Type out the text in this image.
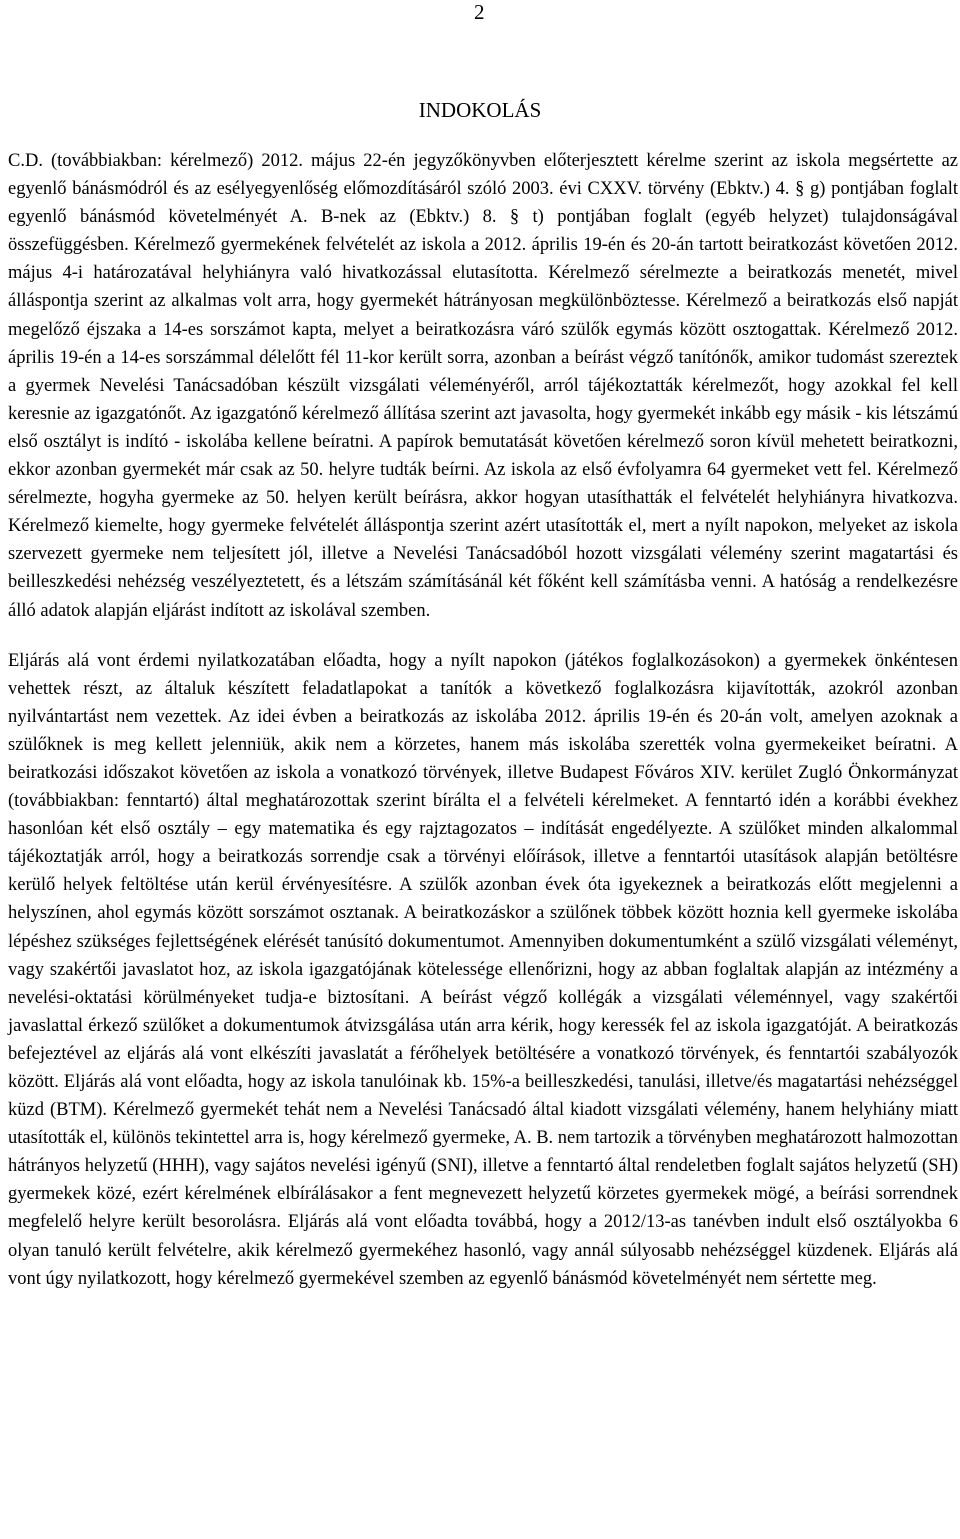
2
INDOKOLÁS

C.D. (továbbiakban: kérelmező) 2012. május 22-én jegyzőkönyvben előterjesztett kérelme szerint az iskola megsértette az egyenlő bánásmódról és az esélyegyenlőség előmozdításáról szóló 2003. évi CXXV. törvény (Ebktv.) 4. § g) pontjában foglalt egyenlő bánásmód követelményét A. B-nek az (Ebktv.) 8. § t) pontjában foglalt (egyéb helyzet) tulajdonságával összefüggésben. Kérelmező gyermekének felvételét az iskola a 2012. április 19-én és 20-án tartott beiratkozást követően 2012. május 4-i határozatával helyhiányra való hivatkozással elutasította. Kérelmező sérelmezte a beiratkozás menetét, mivel álláspontja szerint az alkalmas volt arra, hogy gyermekét hátrányosan megkülönböztesse. Kérelmező a beiratkozás első napját megelőző éjszaka a 14-es sorszámot kapta, melyet a beiratkozásra váró szülők egymás között osztogattak. Kérelmező 2012. április 19-én a 14-es sorszámmal délelőtt fél 11-kor került sorra, azonban a beírást végző tanítónők, amikor tudomást szereztek a gyermek Nevelési Tanácsadóban készült vizsgálati véleményéről, arról tájékoztatták kérelmezőt, hogy azokkal fel kell keresnie az igazgatónőt. Az igazgatónő kérelmező állítása szerint azt javasolta, hogy gyermekét inkább egy másik - kis létszámú első osztályt is indító - iskolába kellene beíratni. A papírok bemutatását követően kérelmező soron kívül mehetett beiratkozni, ekkor azonban gyermekét már csak az 50. helyre tudták beírni. Az iskola az első évfolyamra 64 gyermeket vett fel. Kérelmező sérelmezte, hogyha gyermeke az 50. helyen került beírásra, akkor hogyan utasíthatták el felvételét helyhiányra hivatkozva. Kérelmező kiemelte, hogy gyermeke felvételét álláspontja szerint azért utasították el, mert a nyílt napokon, melyeket az iskola szervezett gyermeke nem teljesített jól, illetve a Nevelési Tanácsadóból hozott vizsgálati vélemény szerint magatartási és beilleszkedési nehézség veszélyeztetett, és a létszám számításánál két főként kell számításba venni. A hatóság a rendelkezésre álló adatok alapján eljárást indított az iskolával szemben.

Eljárás alá vont érdemi nyilatkozatában előadta, hogy a nyílt napokon (játékos foglalkozásokon) a gyermekek önkéntesen vehettek részt, az általuk készített feladatlapokat a tanítók a következő foglalkozásra kijavították, azokról azonban nyilvántartást nem vezettek. Az idei évben a beiratkozás az iskolába 2012. április 19-én és 20-án volt, amelyen azoknak a szülőknek is meg kellett jelenniük, akik nem a körzetes, hanem más iskolába szerették volna gyermekeiket beíratni. A beiratkozási időszakot követően az iskola a vonatkozó törvények, illetve Budapest Főváros XIV. kerület Zugló Önkormányzat (továbbiakban: fenntartó) által meghatározottak szerint bírálta el a felvételi kérelmeket. A fenntartó idén a korábbi évekhez hasonlóan két első osztály – egy matematika és egy rajztagozatos – indítását engedélyezte. A szülőket minden alkalommal tájékoztatják arról, hogy a beiratkozás sorrendje csak a törvényi előírások, illetve a fenntartói utasítások alapján betöltésre kerülő helyek feltöltése után kerül érvényesítésre. A szülők azonban évek óta igyekeznek a beiratkozás előtt megjelenni a helyszínen, ahol egymás között sorszámot osztanak. A beiratkozáskor a szülőnek többek között hoznia kell gyermeke iskolába lépéshez szükséges fejlettségének elérését tanúsító dokumentumot. Amennyiben dokumentumként a szülő vizsgálati véleményt, vagy szakértői javaslatot hoz, az iskola igazgatójának kötelessége ellenőrizni, hogy az abban foglaltak alapján az intézmény a nevelési-oktatási körülményeket tudja-e biztosítani. A beírást végző kollégák a vizsgálati véleménnyel, vagy szakértői javaslattal érkező szülőket a dokumentumok átvizsgálása után arra kérik, hogy keressék fel az iskola igazgatóját. A beiratkozás befejeztével az eljárás alá vont elkészíti javaslatát a férőhelyek betöltésére a vonatkozó törvények, és fenntartói szabályozók között. Eljárás alá vont előadta, hogy az iskola tanulóinak kb. 15%-a beilleszkedési, tanulási, illetve/és magatartási nehézséggel küzd (BTM). Kérelmező gyermekét tehát nem a Nevelési Tanácsadó által kiadott vizsgálati vélemény, hanem helyhiány miatt utasították el, különös tekintettel arra is, hogy kérelmező gyermeke, A. B. nem tartozik a törvényben meghatározott halmozottan hátrányos helyzetű (HHH), vagy sajátos nevelési igényű (SNI), illetve a fenntartó által rendeletben foglalt sajátos helyzetű (SH) gyermekek közé, ezért kérelmének elbírálásakor a fent megnevezett helyzetű körzetes gyermekek mögé, a beírási sorrendnek megfelelő helyre került besorolásra. Eljárás alá vont előadta továbbá, hogy a 2012/13-as tanévben indult első osztályokba 6 olyan tanuló került felvételre, akik kérelmező gyermekéhez hasonló, vagy annál súlyosabb nehézséggel küzdenek. Eljárás alá vont úgy nyilatkozott, hogy kérelmező gyermekével szemben az egyenlő bánásmód követelményét nem sértette meg.
